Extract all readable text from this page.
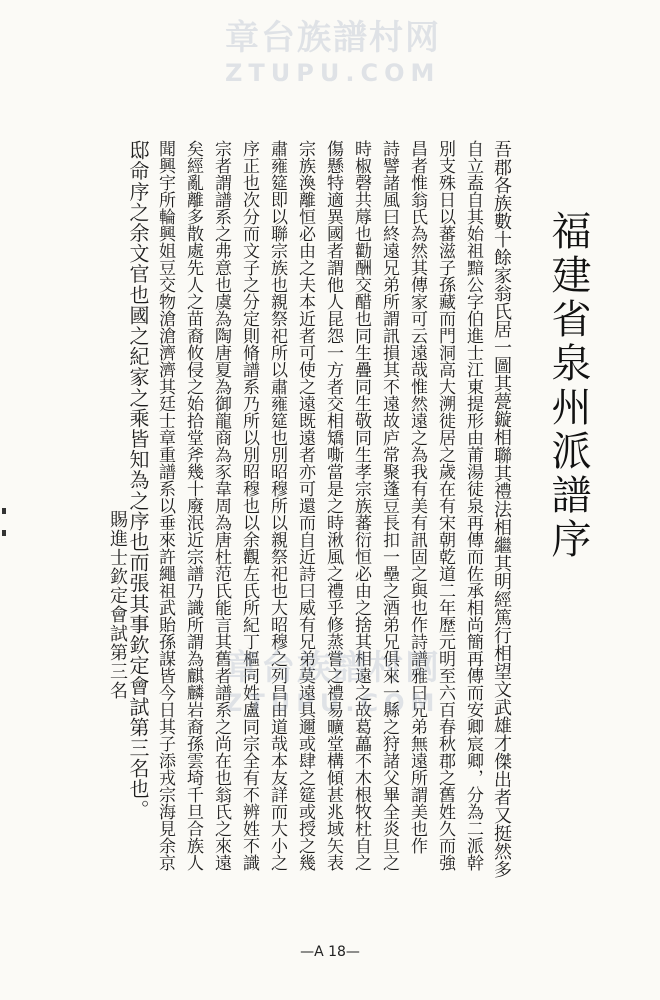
福建省泉州派譜序
吾郡各族數十餘家翁氏居一圖其甍鏇相聯其禮法相繼其明經篤行相望文武雄才傑出者又挺然多
自立盍自其始祖黯公字伯進士江東提形由莆湯徒泉再傳而佐承相尚簡再傳而安卿宸卿，分為二派幹
別支殊日以蕃滋子孫藏而門洞高大溯徙居之歲在有宋朝乾道二年歷元明至六百春秋郡之舊姓久而強
昌者惟翁氏為然其傳家可云遠哉惟然遠之為我有美有訊固之與也作詩譜雅曰兄弟無遠所謂美也作
詩譬諸風曰終遠兄弟所謂訊損其不遠故庐常聚蓬豆長扣一壘之酒弟兄俱來一縣之狩諸父畢全炎旦之
時椒磬共蓐也勸酬交醋也同生疊同生敬同生孝宗族蕃衍恒必由之捨其相遠之故葛藟不木根牧杜自之
傷懸特適異國者謂他人昆怨一方者交相矯嘶當是之時湫風之禮乎修蒸嘗之禮易曠堂構傾甚兆域矢表
宗族渙離恒必由之夫本近者可使之遠既遠者亦可還而自近詩曰威有兄弟莫遠具邇或肆之筵或授之幾
肅雍筵即以聯宗族也親祭祀所以肅雍筵也別昭穆所以親祭祀也大昭穆之列昌由道哉本友詳而大小之
序正也次分而文子之分定則脩譜系乃所以別昭穆也以余觀左氏所紀丁樞同姓盧同宗全有不辨姓不識
宗者謂譜系之弗意也虞為陶唐夏為御龍商為豕韋周為唐杜范氏能言其舊者譜系之尚在也翁氏之來遠
矣經亂離多散處先人之苗裔攸侵之始拾堂斧幾十廢泯近宗譜乃識所謂為麒麟岩裔孫雲埼千旦合族人
聞興宇所輪興姐豆交物滄滄濟濟其廷士章重譜系以垂來許繩祖武貽孫謀皆今日其子添戎宗海見余京
邸命序之余文官也國之紀家之乘皆知為之序也而張其事欽定會試第三名也。
賜進士欽定會試第三名
章台族譜村网
ZTUPU.COM
章台族譜村网
ZTUPU.COM
—A 18—
